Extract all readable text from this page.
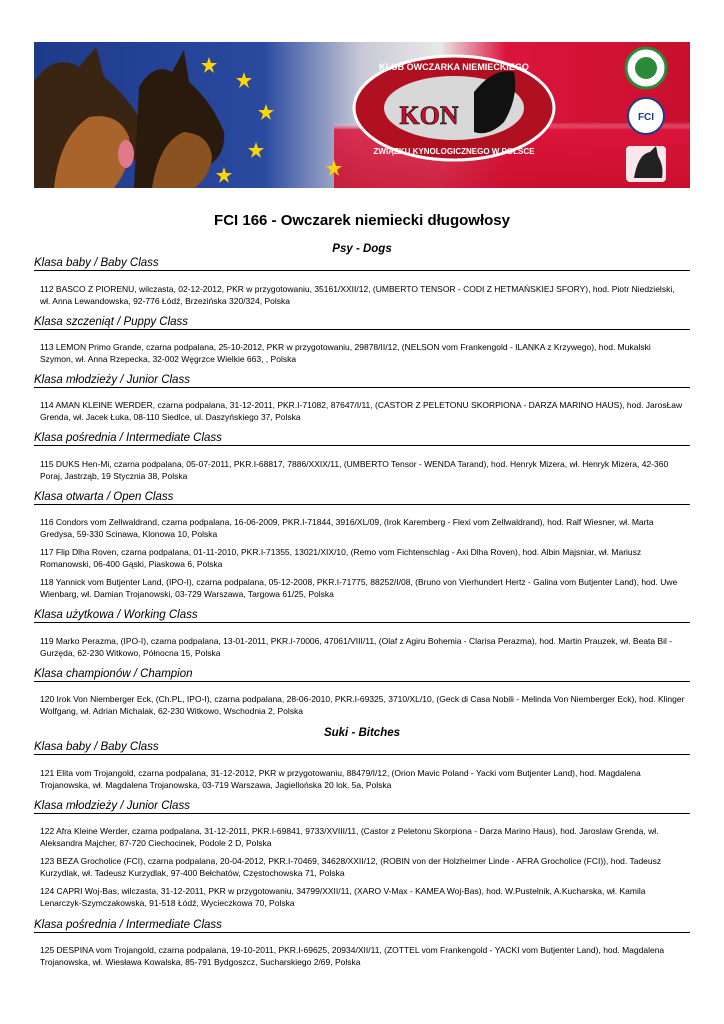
KON
KLUB OWCZARKA NIEMIECKIEGO
ZWIĄZKU KYNOLOGICZNEGO W POLSCE
FCI
FCI 166 - Owczarek niemiecki długowłosy
Psy - Dogs
Klasa baby / Baby Class
112 BASCO Z PIORENU, wilczasta, 02-12-2012, PKR w przygotowaniu, 35161/XXII/12, (UMBERTO TENSOR - CODI Z HETMAŃSKIEJ SFORY), hod. Piotr Niedzielski, wł. Anna Lewandowska, 92-776 Łódź, Brzezińska 320/324, Polska
Klasa szczeniąt / Puppy Class
113 LEMON Primo Grande, czarna podpalana, 25-10-2012, PKR w przygotowaniu, 29878/II/12, (NELSON vom Frankengold - ILANKA z Krzywego), hod. Mukalski Szymon, wł. Anna Rzepecka, 32-002 Węgrzce Wielkie 663, , Polska
Klasa młodzieży / Junior Class
114 AMAN KLEINE WERDER, czarna podpalana, 31-12-2011, PKR.I-71082, 87647/I/11, (CASTOR Z PELETONU SKORPIONA - DARZA MARINO HAUS), hod. JarosŁaw Grenda, wł. Jacek Łuka, 08-110 Siedlce, ul. Daszyńskiego 37, Polska
Klasa pośrednia / Intermediate Class
115 DUKS Hen-Mi, czarna podpalana, 05-07-2011, PKR.I-68817, 7886/XXIX/11, (UMBERTO Tensor - WENDA Tarand), hod. Henryk Mizera, wł. Henryk Mizera, 42-360 Poraj, Jastrząb, 19 Stycznia 38, Polska
Klasa otwarta / Open Class
116 Condors vom Zellwaldrand, czarna podpalana, 16-06-2009, PKR.I-71844, 3916/XL/09, (Irok Karemberg - Flexi vom Zellwaldrand), hod. Ralf Wiesner, wł. Marta Gredysa, 59-330 Scinawa, Klonowa 10, Polska
117 Flip Dlha Roven, czarna podpalana, 01-11-2010, PKR.I-71355, 13021/XIX/10, (Remo vom Fichtenschlag - Axi Dlha Roven), hod. Albin Majsniar, wł. Mariusz Romanowski, 06-400 Gąski, Piaskowa 6, Polska
118 Yannick vom Butjenter Land, (IPO-I), czarna podpalana, 05-12-2008, PKR.I-71775, 88252/I/08, (Bruno von Vierhundert Hertz - Galina vom Butjenter Land), hod. Uwe Wienbarg, wł. Damian Trojanowski, 03-729 Warszawa, Targowa 61/25, Polska
Klasa użytkowa / Working Class
119 Marko Perazma, (IPO-I), czarna podpalana, 13-01-2011, PKR.I-70006, 47061/VIII/11, (Olaf z Agiru Bohemia - Clarisa Perazma), hod. Martin Prauzek, wł. Beata Bil - Gurzęda, 62-230 Witkowo, Północna 15, Polska
Klasa championów / Champion
120 Irok Von Niemberger Eck, (Ch.PL, IPO-I), czarna podpalana, 28-06-2010, PKR.I-69325, 3710/XL/10, (Geck di Casa Nobili - Melinda Von Niemberger Eck), hod. Klinger Wolfgang, wł. Adrian Michalak, 62-230 Witkowo, Wschodnia 2, Polska
Suki - Bitches
Klasa baby / Baby Class
121 Elita vom Trojangold, czarna podpalana, 31-12-2012, PKR w przygotowaniu, 88479/I/12, (Orion Mavic Poland - Yacki vom Butjenter Land), hod. Magdalena Trojanowska, wł. Magdalena Trojanowska, 03-719 Warszawa, Jagiellońska 20 lok. 5a, Polska
Klasa młodzieży / Junior Class
122 Afra Kleine Werder, czarna podpalana, 31-12-2011, PKR.I-69841, 9733/XVIII/11, (Castor z Peletonu Skorpiona - Darza Marino Haus), hod. Jaroslaw Grenda, wł. Aleksandra Majcher, 87-720 Ciechocinek, Podole 2 D, Polska
123 BEZA Grocholice (FCI), czarna podpalana, 20-04-2012, PKR.I-70469, 34628/XXII/12, (ROBIN von der Holzheimer Linde - AFRA Grocholice (FCI)), hod. Tadeusz Kurzydlak, wł. Tadeusz Kurzydlak, 97-400 Bełchatów, Częstochowska 71, Polska
124 CAPRI Woj-Bas, wilczasta, 31-12-2011, PKR w przygotowaniu, 34799/XXII/11, (XARO V-Max - KAMEA Woj-Bas), hod. W.Pustelnik, A.Kucharska, wł. Kamila Lenarczyk-Szymczakowska, 91-518 Łódź, Wycieczkowa 70, Polska
Klasa pośrednia / Intermediate Class
125 DESPINA vom Trojangold, czarna podpalana, 19-10-2011, PKR.I-69625, 20934/XII/11, (ZOTTEL vom Frankengold - YACKI vom Butjenter Land), hod. Magdalena Trojanowska, wł. Wiesława Kowalska, 85-791 Bydgoszcz, Sucharskiego 2/69, Polska
